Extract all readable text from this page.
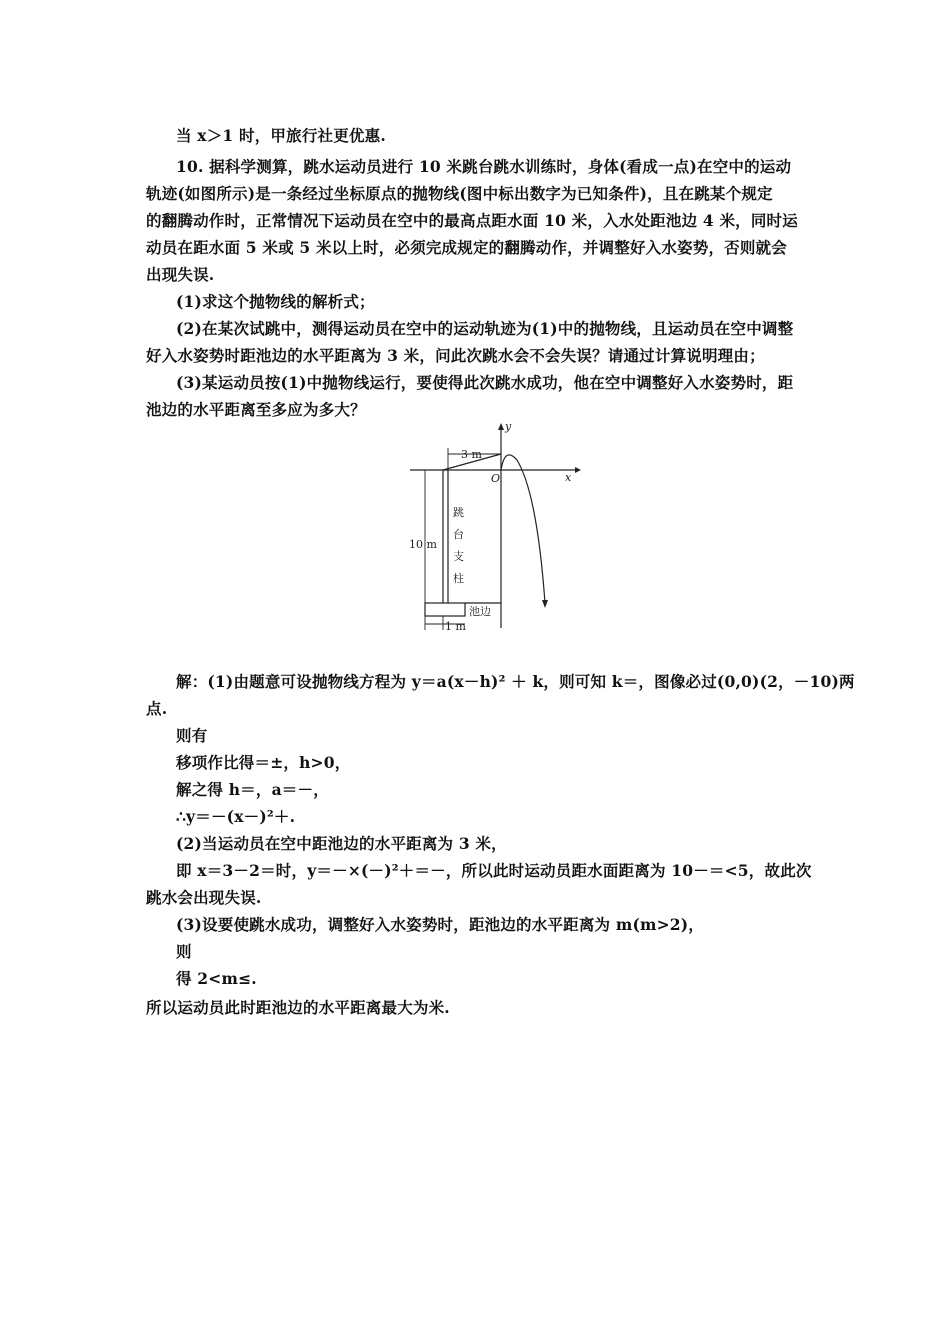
当 x＞1 时，甲旅行社更优惠.
10. 据科学测算，跳水运动员进行 10 米跳台跳水训练时，身体(看成一点)在空中的运动
轨迹(如图所示)是一条经过坐标原点的抛物线(图中标出数字为已知条件)，且在跳某个规定
的翻腾动作时，正常情况下运动员在空中的最高点距水面 10 米，入水处距池边 4 米，同时运
动员在距水面 5 米或 5 米以上时，必须完成规定的翻腾动作，并调整好入水姿势，否则就会
出现失误.
(1)求这个抛物线的解析式；
(2)在某次试跳中，测得运动员在空中的运动轨迹为(1)中的抛物线，且运动员在空中调整
好入水姿势时距池边的水平距离为 3 米，问此次跳水会不会失误？请通过计算说明理由；
(3)某运动员按(1)中抛物线运行，要使得此次跳水成功，他在空中调整好入水姿势时，距
池边的水平距离至多应为多大？
y
x
O
3 m
10 m
1 m
跳
台
支
柱
池边
解：(1)由题意可设抛物线方程为 y＝a(x－h)² ＋ k，则可知 k＝，图像必过(0,0)(2，－10)两
点.
则有
移项作比得＝±，h>0，
解之得 h＝，a＝－，
∴y＝－(x－)²＋.
(2)当运动员在空中距池边的水平距离为 3 米，
即 x＝3－2＝时，y＝－×(－)²＋＝－，所以此时运动员距水面距离为 10－＝<5，故此次
跳水会出现失误.
(3)设要使跳水成功，调整好入水姿势时，距池边的水平距离为 m(m>2)，
则
得 2<m≤.
所以运动员此时距池边的水平距离最大为米.
